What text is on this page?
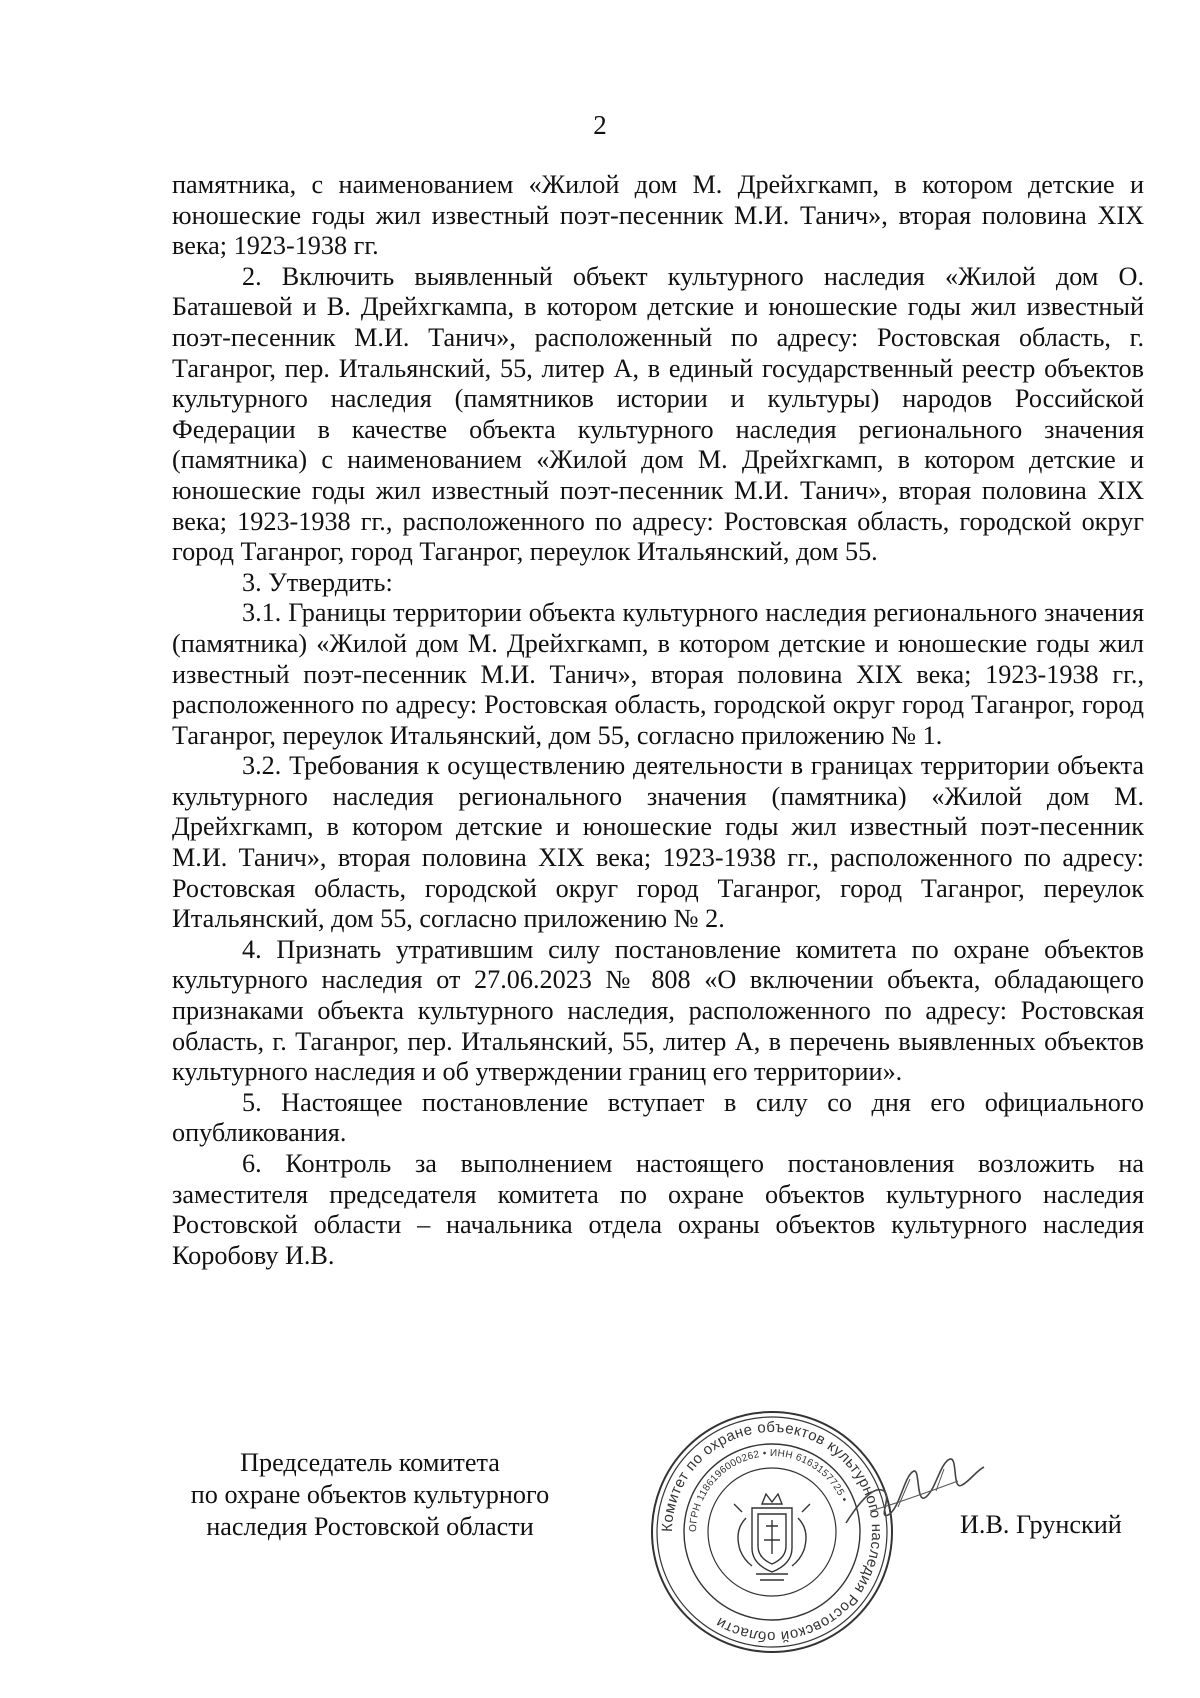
2

памятника, с наименованием «Жилой дом М. Дрейхгкамп, в котором детские и юношеские годы жил известный поэт-песенник М.И. Танич», вторая половина XIX века; 1923-1938 гг.

2. Включить выявленный объект культурного наследия «Жилой дом О. Баташевой и В. Дрейхгкампа, в котором детские и юношеские годы жил известный поэт-песенник М.И. Танич», расположенный по адресу: Ростовская область, г. Таганрог, пер. Итальянский, 55, литер А, в единый государственный реестр объектов культурного наследия (памятников истории и культуры) народов Российской Федерации в качестве объекта культурного наследия регионального значения (памятника) с наименованием «Жилой дом М. Дрейхгкамп, в котором детские и юношеские годы жил известный поэт-песенник М.И. Танич», вторая половина XIX века; 1923-1938 гг., расположенного по адресу: Ростовская область, городской округ город Таганрог, город Таганрог, переулок Итальянский, дом 55.

3. Утвердить:

3.1. Границы территории объекта культурного наследия регионального значения (памятника) «Жилой дом М. Дрейхгкамп, в котором детские и юношеские годы жил известный поэт-песенник М.И. Танич», вторая половина XIX века; 1923-1938 гг., расположенного по адресу: Ростовская область, городской округ город Таганрог, город Таганрог, переулок Итальянский, дом 55, согласно приложению № 1.

3.2. Требования к осуществлению деятельности в границах территории объекта культурного наследия регионального значения (памятника) «Жилой дом М. Дрейхгкамп, в котором детские и юношеские годы жил известный поэт-песенник М.И. Танич», вторая половина XIX века; 1923-1938 гг., расположенного по адресу: Ростовская область, городской округ город Таганрог, город Таганрог, переулок Итальянский, дом 55, согласно приложению № 2.

4. Признать утратившим силу постановление комитета по охране объектов культурного наследия от 27.06.2023 № 808 «О включении объекта, обладающего признаками объекта культурного наследия, расположенного по адресу: Ростовская область, г. Таганрог, пер. Итальянский, 55, литер А, в перечень выявленных объектов культурного наследия и об утверждении границ его территории».

5. Настоящее постановление вступает в силу со дня его официального опубликования.

6. Контроль за выполнением настоящего постановления возложить на заместителя председателя комитета по охране объектов культурного наследия Ростовской области – начальника отдела охраны объектов культурного наследия Коробову И.В.

Председатель комитета
по охране объектов культурного
наследия Ростовской области	Комитет по охране объектов культурного наследия Ростовской области
ОГРН 1186196000262 • ИНН 6163157725 •
И.В. Грунский
